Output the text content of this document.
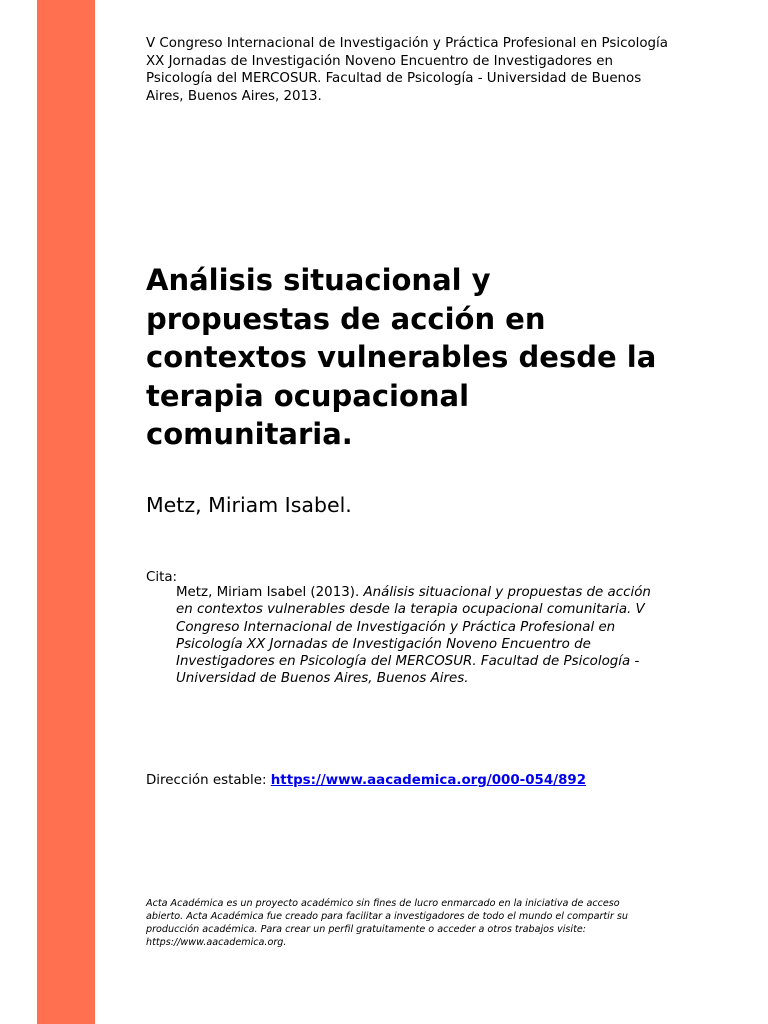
V Congreso Internacional de Investigación y Práctica Profesional en Psicología
XX Jornadas de Investigación Noveno Encuentro de Investigadores en
Psicología del MERCOSUR. Facultad de Psicología - Universidad de Buenos
Aires, Buenos Aires, 2013.
Análisis situacional y
propuestas de acción en
contextos vulnerables desde la
terapia ocupacional
comunitaria.
Metz, Miriam Isabel.
Cita:
Metz, Miriam Isabel (2013). Análisis situacional y propuestas de acción
en contextos vulnerables desde la terapia ocupacional comunitaria. V
Congreso Internacional de Investigación y Práctica Profesional en
Psicología XX Jornadas de Investigación Noveno Encuentro de
Investigadores en Psicología del MERCOSUR. Facultad de Psicología -
Universidad de Buenos Aires, Buenos Aires.
Dirección estable: https://www.aacademica.org/000-054/892
Acta Académica es un proyecto académico sin fines de lucro enmarcado en la iniciativa de acceso
abierto. Acta Académica fue creado para facilitar a investigadores de todo el mundo el compartir su
producción académica. Para crear un perfil gratuitamente o acceder a otros trabajos visite:
https://www.aacademica.org.
